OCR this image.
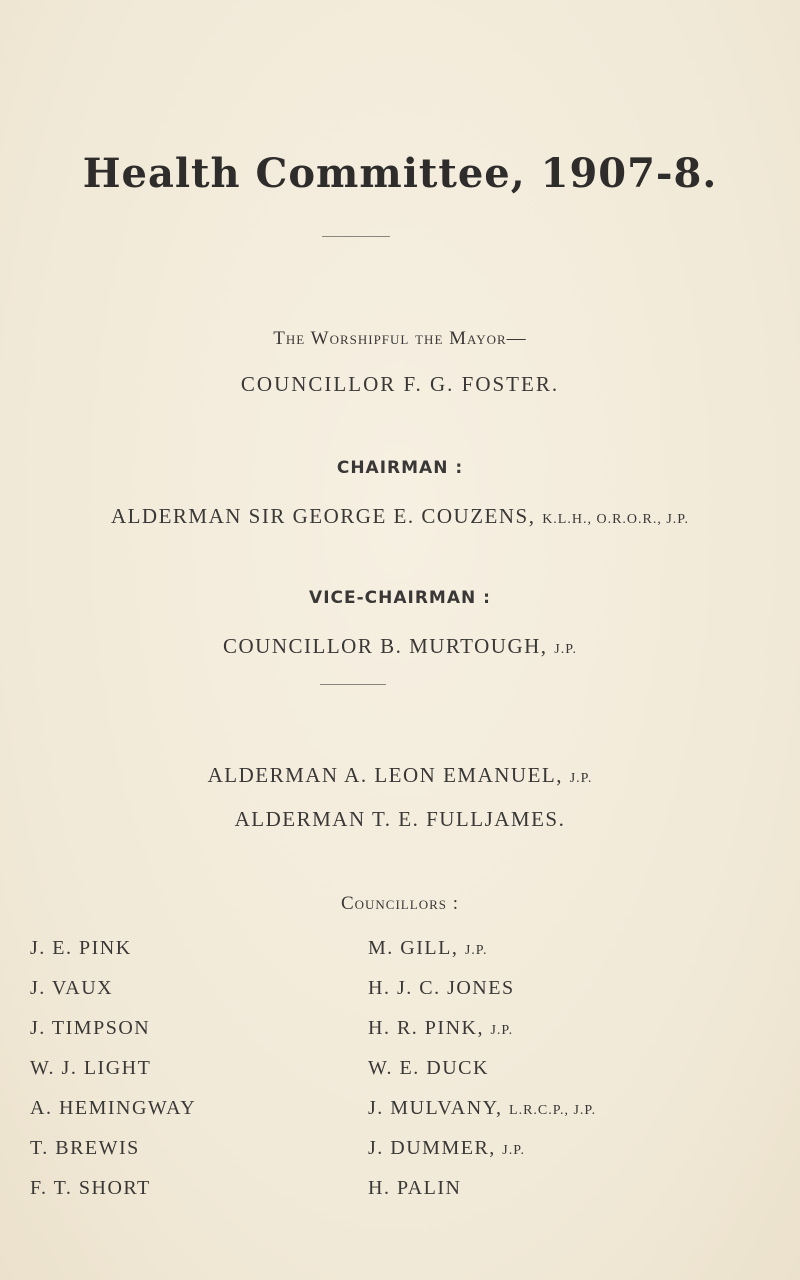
Health Committee, 1907-8.
The Worshipful the Mayor—
COUNCILLOR F. G. FOSTER.
CHAIRMAN :
ALDERMAN SIR GEORGE E. COUZENS, K.L.H., O.R.O.R., J.P.
VICE-CHAIRMAN :
COUNCILLOR B. MURTOUGH, J.P.
ALDERMAN A. LEON EMANUEL, J.P.
ALDERMAN T. E. FULLJAMES.
Councillors :
J. E. PINK
J. VAUX
J. TIMPSON
W. J. LIGHT
A. HEMINGWAY
T. BREWIS
F. T. SHORT
M. GILL, J.P.
H. J. C. JONES
H. R. PINK, J.P.
W. E. DUCK
J. MULVANY, L.R.C.P., J.P.
J. DUMMER, J.P.
H. PALIN
